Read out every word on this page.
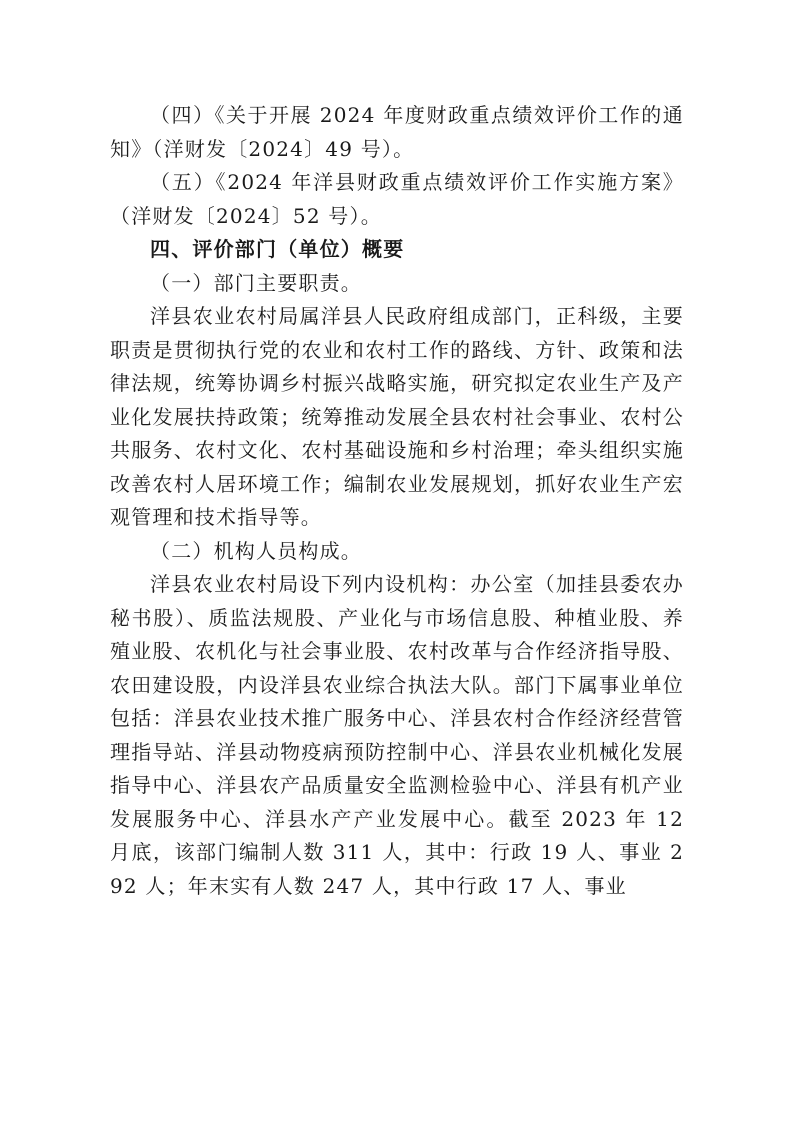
（四）《关于开展 2024 年度财政重点绩效评价工作的通知》（洋财发〔2024〕49 号）。

（五）《2024 年洋县财政重点绩效评价工作实施方案》（洋财发〔2024〕52 号）。

四、评价部门（单位）概要

（一）部门主要职责。

洋县农业农村局属洋县人民政府组成部门，正科级，主要职责是贯彻执行党的农业和农村工作的路线、方针、政策和法律法规，统筹协调乡村振兴战略实施，研究拟定农业生产及产业化发展扶持政策；统筹推动发展全县农村社会事业、农村公共服务、农村文化、农村基础设施和乡村治理；牵头组织实施改善农村人居环境工作；编制农业发展规划，抓好农业生产宏观管理和技术指导等。

（二）机构人员构成。

洋县农业农村局设下列内设机构：办公室（加挂县委农办秘书股）、质监法规股、产业化与市场信息股、种植业股、养殖业股、农机化与社会事业股、农村改革与合作经济指导股、农田建设股，内设洋县农业综合执法大队。部门下属事业单位包括：洋县农业技术推广服务中心、洋县农村合作经济经营管理指导站、洋县动物疫病预防控制中心、洋县农业机械化发展指导中心、洋县农产品质量安全监测检验中心、洋县有机产业发展服务中心、洋县水产产业发展中心。截至 2023 年 12 月底，该部门编制人数 311 人，其中：行政 19 人、事业 292 人；年末实有人数 247 人，其中行政 17 人、事业
